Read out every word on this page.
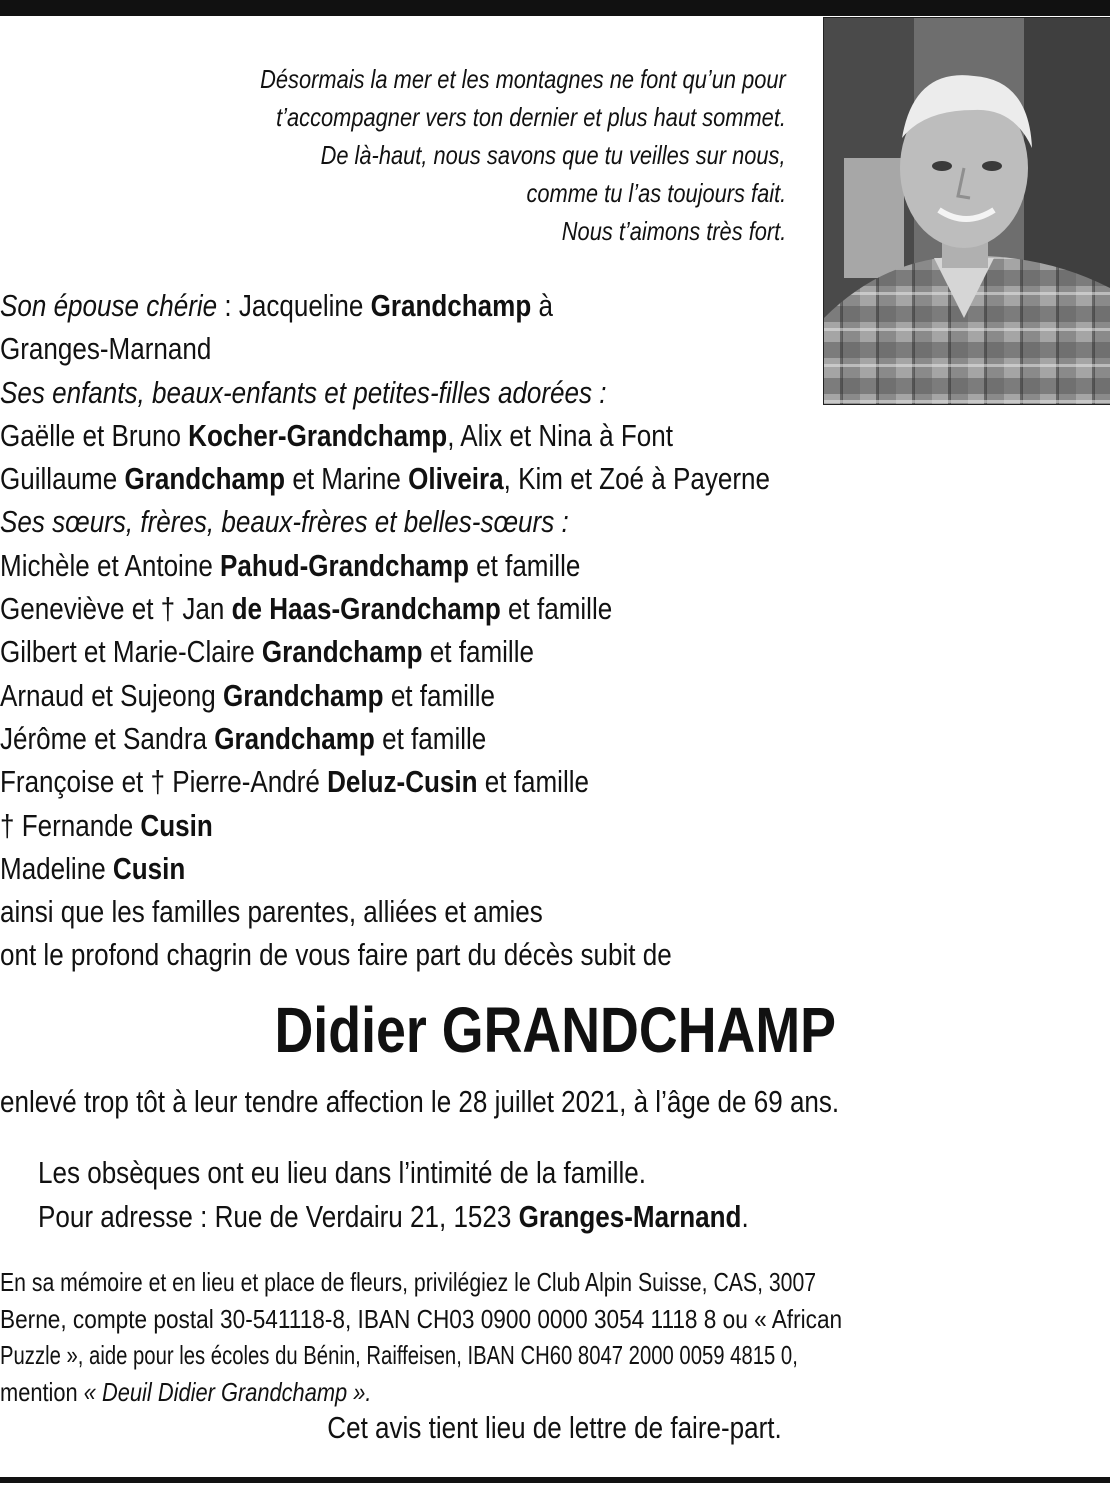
Désormais la mer et les montagnes ne font qu’un pour
t’accompagner vers ton dernier et plus haut sommet.
De là-haut, nous savons que tu veilles sur nous,
comme tu l’as toujours fait.
Nous t’aimons très fort.
Son épouse chérie : Jacqueline Grandchamp à
Granges-Marnand
Ses enfants, beaux-enfants et petites-filles adorées :
Gaëlle et Bruno Kocher-Grandchamp, Alix et Nina à Font
Guillaume Grandchamp et Marine Oliveira, Kim et Zoé à Payerne
Ses sœurs, frères, beaux-frères et belles-sœurs :
Michèle et Antoine Pahud-Grandchamp et famille
Geneviève et † Jan de Haas-Grandchamp et famille
Gilbert et Marie-Claire Grandchamp et famille
Arnaud et Sujeong Grandchamp et famille
Jérôme et Sandra Grandchamp et famille
Françoise et † Pierre-André Deluz-Cusin et famille
† Fernande Cusin
Madeline Cusin
ainsi que les familles parentes, alliées et amies
ont le profond chagrin de vous faire part du décès subit de
Didier GRANDCHAMP
enlevé trop tôt à leur tendre affection le 28 juillet 2021, à l’âge de 69 ans.
Les obsèques ont eu lieu dans l’intimité de la famille.
Pour adresse : Rue de Verdairu 21, 1523 Granges-Marnand.
En sa mémoire et en lieu et place de fleurs, privilégiez le Club Alpin Suisse, CAS, 3007
Berne, compte postal 30-541118-8, IBAN CH03 0900 0000 3054 1118 8 ou « African
Puzzle », aide pour les écoles du Bénin, Raiffeisen, IBAN CH60 8047 2000 0059 4815 0,
mention « Deuil Didier Grandchamp ».
Cet avis tient lieu de lettre de faire-part.
